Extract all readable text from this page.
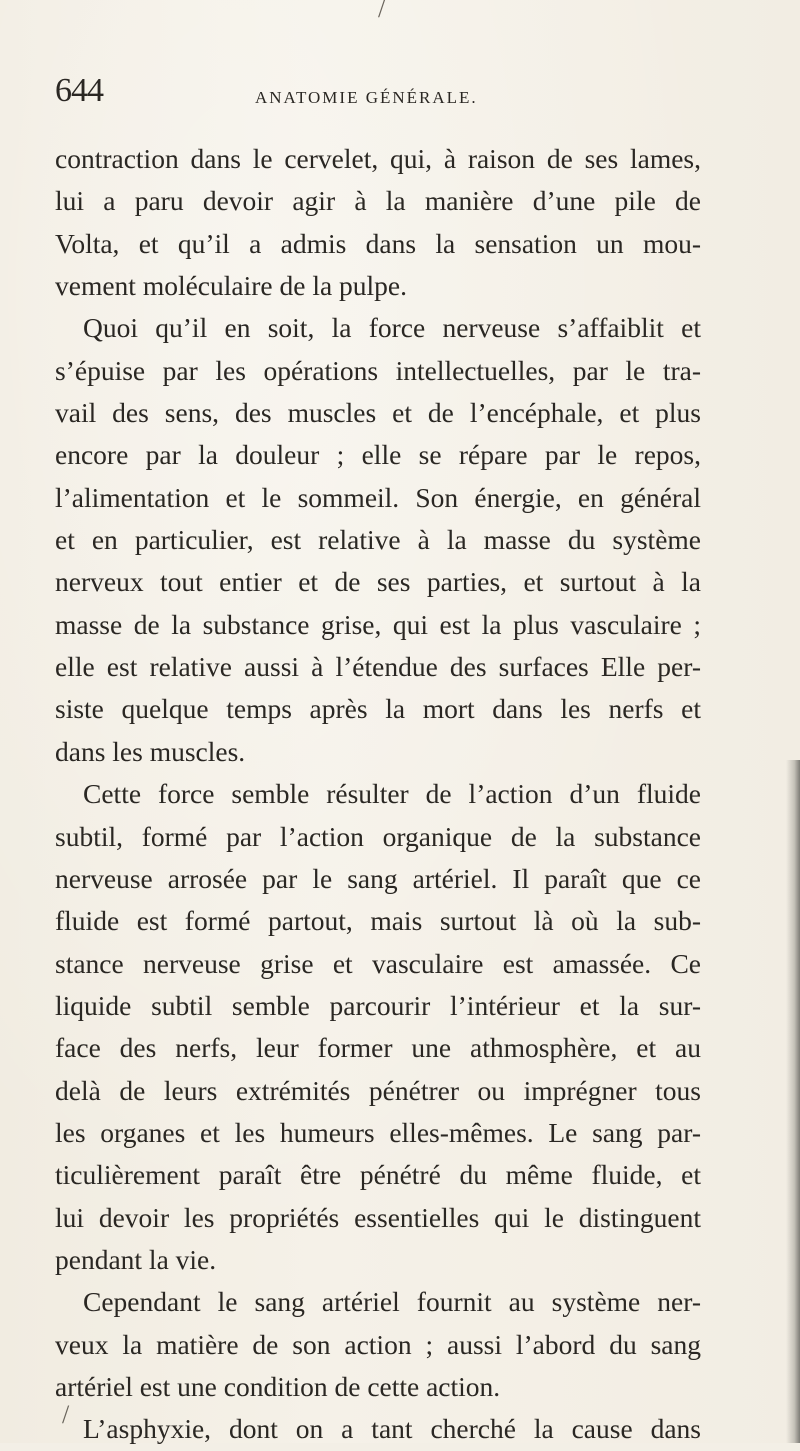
/
/
644	ANATOMIE GÉNÉRALE.
contraction dans le cervelet, qui, à raison de ses lames,
lui a paru devoir agir à la manière d’une pile de
Volta, et qu’il a admis dans la sensation un mou-
vement moléculaire de la pulpe.
Quoi qu’il en soit, la force nerveuse s’affaiblit et
s’épuise par les opérations intellectuelles, par le tra-
vail des sens, des muscles et de l’encéphale, et plus
encore par la douleur ; elle se répare par le repos,
l’alimentation et le sommeil. Son énergie, en général
et en particulier, est relative à la masse du système
nerveux tout entier et de ses parties, et surtout à la
masse de la substance grise, qui est la plus vasculaire ;
elle est relative aussi à l’étendue des surfaces Elle per-
siste quelque temps après la mort dans les nerfs et
dans les muscles.
Cette force semble résulter de l’action d’un fluide
subtil, formé par l’action organique de la substance
nerveuse arrosée par le sang artériel. Il paraît que ce
fluide est formé partout, mais surtout là où la sub-
stance nerveuse grise et vasculaire est amassée. Ce
liquide subtil semble parcourir l’intérieur et la sur-
face des nerfs, leur former une athmosphère, et au
delà de leurs extrémités pénétrer ou imprégner tous
les organes et les humeurs elles-mêmes. Le sang par-
ticulièrement paraît être pénétré du même fluide, et
lui devoir les propriétés essentielles qui le distinguent
pendant la vie.
Cependant le sang artériel fournit au système ner-
veux la matière de son action ; aussi l’abord du sang
artériel est une condition de cette action.
L’asphyxie, dont on a tant cherché la cause dans
